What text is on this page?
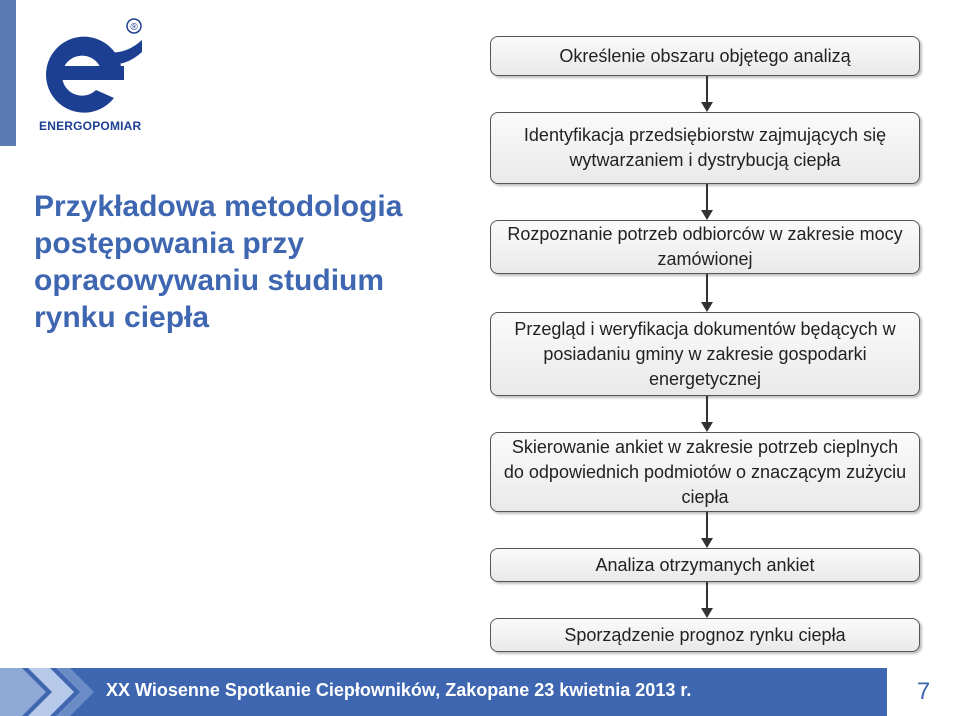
®
ENERGOPOMIAR
Przykładowa metodologia postępowania przy opracowywaniu studium rynku ciepła
Określenie obszaru objętego analizą
Identyfikacja przedsiębiorstw zajmujących się wytwarzaniem i dystrybucją ciepła
Rozpoznanie potrzeb odbiorców w zakresie mocy zamówionej
Przegląd i weryfikacja dokumentów będących w posiadaniu gminy w zakresie gospodarki energetycznej
Skierowanie ankiet w zakresie potrzeb cieplnych do odpowiednich podmiotów o znaczącym zużyciu ciepła
Analiza otrzymanych ankiet
Sporządzenie prognoz rynku ciepła
XX Wiosenne Spotkanie Ciepłowników, Zakopane 23 kwietnia 2013 r.	7
